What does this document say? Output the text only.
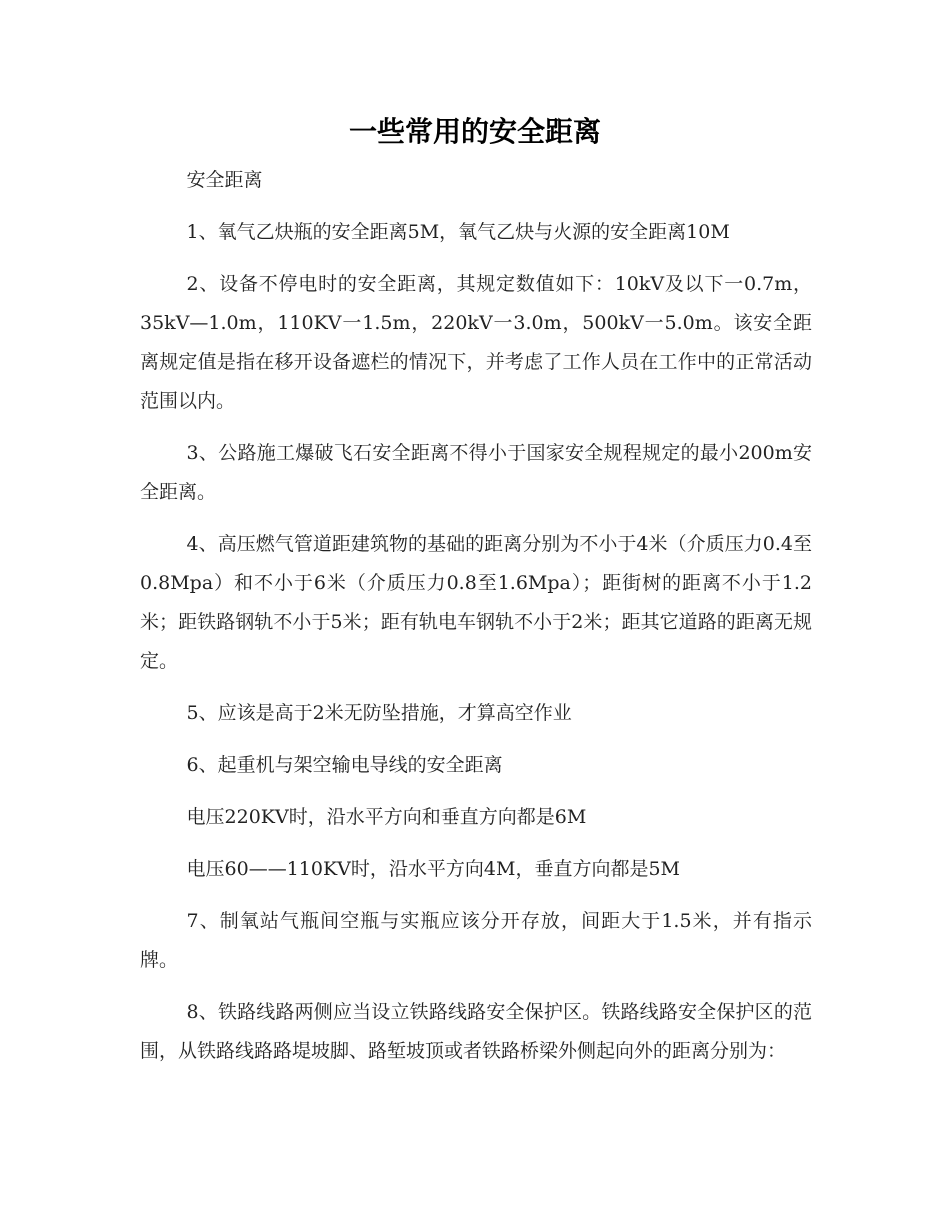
一些常用的安全距离

安全距离

1、氧气乙炔瓶的安全距离5M，氧气乙炔与火源的安全距离10M

2、设备不停电时的安全距离，其规定数值如下：10kV及以下一0.7m，35kV—1.0m，110KV一1.5m，220kV一3.0m，500kV一5.0m。该安全距离规定值是指在移开设备遮栏的情况下，并考虑了工作人员在工作中的正常活动范围以内。

3、公路施工爆破飞石安全距离不得小于国家安全规程规定的最小200m安全距离。

4、高压燃气管道距建筑物的基础的距离分别为不小于4米（介质压力0.4至0.8Mpa）和不小于6米（介质压力0.8至1.6Mpa）；距街树的距离不小于1.2米；距铁路钢轨不小于5米；距有轨电车钢轨不小于2米；距其它道路的距离无规定。

5、应该是高于2米无防坠措施，才算高空作业

6、起重机与架空输电导线的安全距离

电压220KV时，沿水平方向和垂直方向都是6M

电压60——110KV时，沿水平方向4M，垂直方向都是5M

7、制氧站气瓶间空瓶与实瓶应该分开存放，间距大于1.5米，并有指示牌。

8、铁路线路两侧应当设立铁路线路安全保护区。铁路线路安全保护区的范围，从铁路线路路堤坡脚、路堑坡顶或者铁路桥梁外侧起向外的距离分别为：
